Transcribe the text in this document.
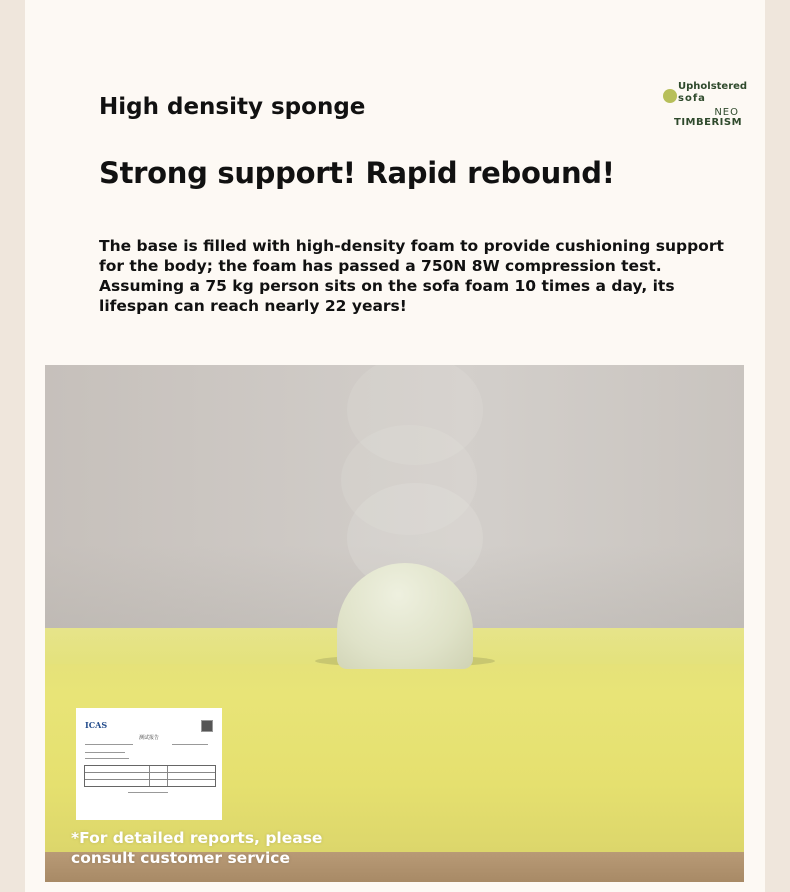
Upholstered
sofa
NEO
TIMBERISM
High density sponge
Strong support! Rapid rebound!

The base is filled with high-density foam to provide cushioning support for the body; the foam has passed a 750N 8W compression test. Assuming a 75 kg person sits on the sofa foam 10 times a day, its lifespan can reach nearly 22 years!

ICAS
测试报告

*For detailed reports, please
consult customer service
